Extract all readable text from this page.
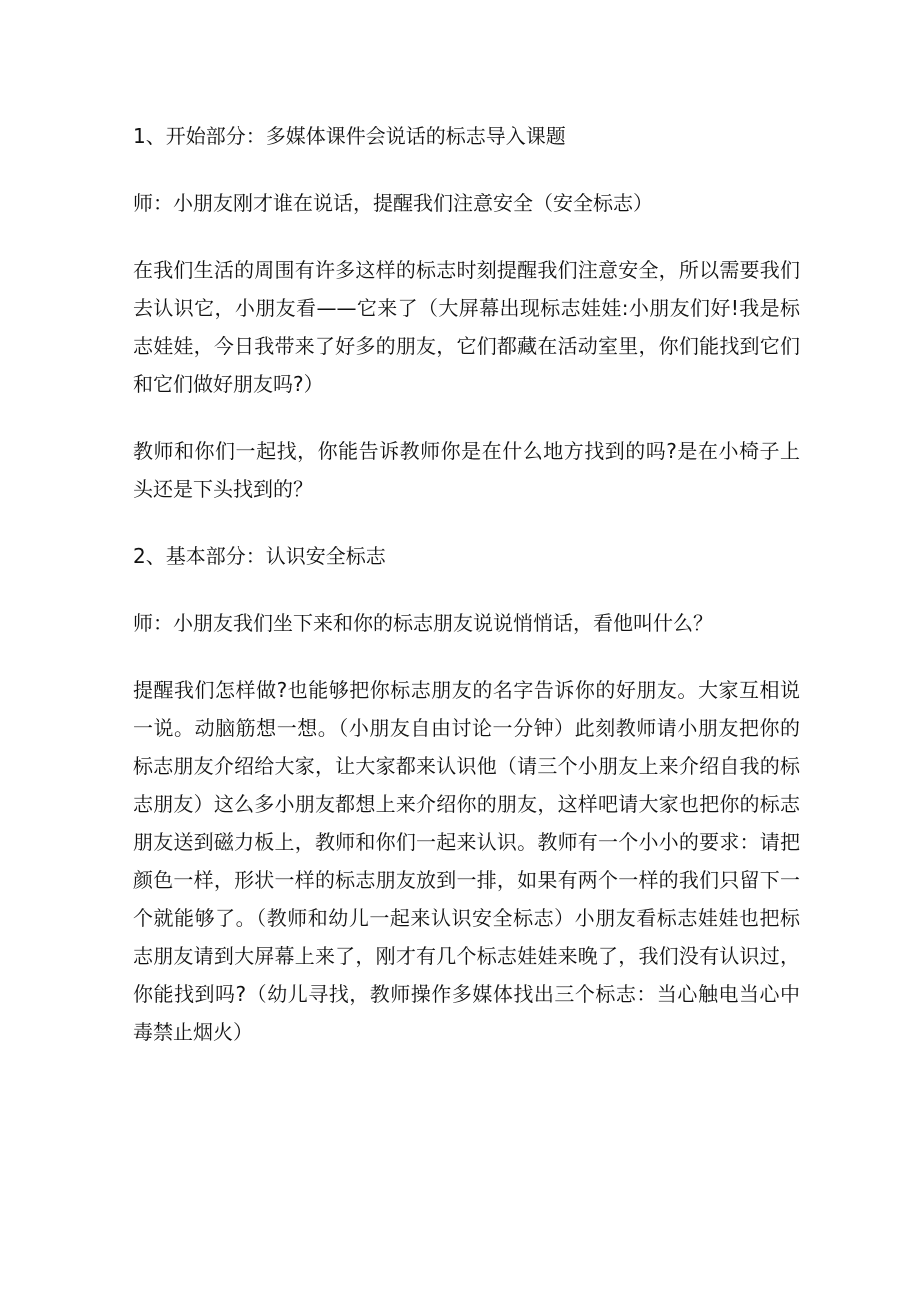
1、开始部分：多媒体课件会说话的标志导入课题

师：小朋友刚才谁在说话，提醒我们注意安全（安全标志）

在我们生活的周围有许多这样的标志时刻提醒我们注意安全，所以需要我们去认识它，小朋友看——它来了（大屏幕出现标志娃娃:小朋友们好!我是标志娃娃，今日我带来了好多的朋友，它们都藏在活动室里，你们能找到它们和它们做好朋友吗?）

教师和你们一起找，你能告诉教师你是在什么地方找到的吗?是在小椅子上头还是下头找到的？

2、基本部分：认识安全标志

师：小朋友我们坐下来和你的标志朋友说说悄悄话，看他叫什么？

提醒我们怎样做?也能够把你标志朋友的名字告诉你的好朋友。大家互相说一说。动脑筋想一想。（小朋友自由讨论一分钟）此刻教师请小朋友把你的标志朋友介绍给大家，让大家都来认识他（请三个小朋友上来介绍自我的标志朋友）这么多小朋友都想上来介绍你的朋友，这样吧请大家也把你的标志朋友送到磁力板上，教师和你们一起来认识。教师有一个小小的要求：请把颜色一样，形状一样的标志朋友放到一排，如果有两个一样的我们只留下一个就能够了。（教师和幼儿一起来认识安全标志）小朋友看标志娃娃也把标志朋友请到大屏幕上来了，刚才有几个标志娃娃来晚了，我们没有认识过，你能找到吗?（幼儿寻找，教师操作多媒体找出三个标志：当心触电当心中毒禁止烟火）
